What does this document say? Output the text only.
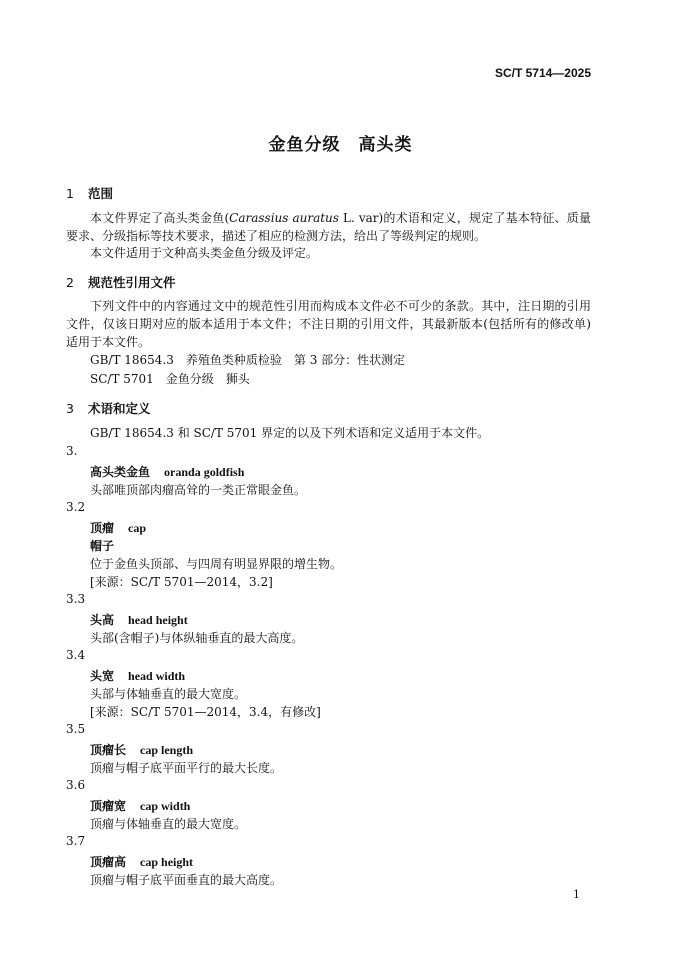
SC/T 5714—2025
金鱼分级　高头类
1 范围
本文件界定了高头类金鱼(Carassius auratus L. var)的术语和定义，规定了基本特征、质量要求、分级指标等技术要求，描述了相应的检测方法，给出了等级判定的规则。
本文件适用于文种高头类金鱼分级及评定。
2 规范性引用文件
下列文件中的内容通过文中的规范性引用而构成本文件必不可少的条款。其中，注日期的引用文件，仅该日期对应的版本适用于本文件；不注日期的引用文件，其最新版本(包括所有的修改单)适用于本文件。
GB/T 18654.3　养殖鱼类种质检验　第 3 部分：性状测定
SC/T 5701　金鱼分级　狮头
3 术语和定义
GB/T 18654.3 和 SC/T 5701 界定的以及下列术语和定义适用于本文件。
3.
高头类金鱼 oranda goldfish
头部唯顶部肉瘤高耸的一类正常眼金鱼。
3.2
顶瘤 cap
帽子
位于金鱼头顶部、与四周有明显界限的增生物。
[来源：SC/T 5701—2014，3.2]
3.3
头高 head height
头部(含帽子)与体纵轴垂直的最大高度。
3.4
头宽 head width
头部与体轴垂直的最大宽度。
[来源：SC/T 5701—2014，3.4，有修改]
3.5
顶瘤长 cap length
顶瘤与帽子底平面平行的最大长度。
3.6
顶瘤宽 cap width
顶瘤与体轴垂直的最大宽度。
3.7
顶瘤高 cap height
顶瘤与帽子底平面垂直的最大高度。
1
